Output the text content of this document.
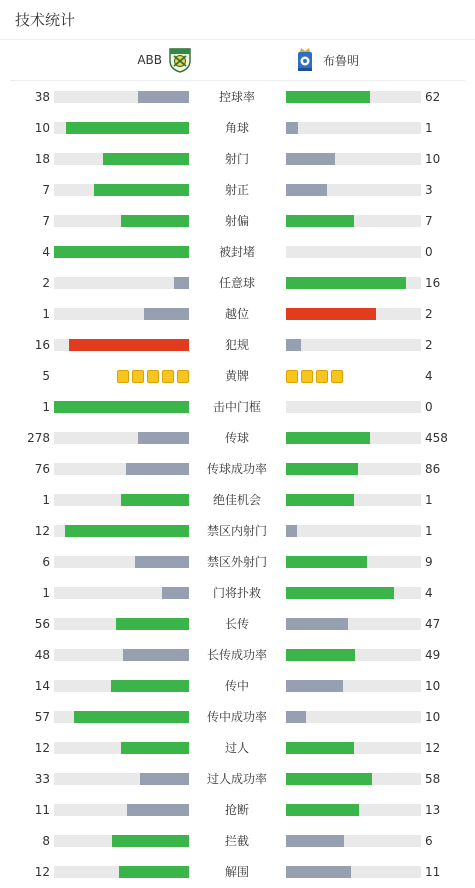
技术统计
ABB	布鲁明
38	控球率	62
10	角球	1
18	射门	10
7	射正	3
7	射偏	7
4	被封堵	0
2	任意球	16
1	越位	2
16	犯规	2
5	黄牌	4
1	击中门框	0
278	传球	458
76	传球成功率	86
1	绝佳机会	1
12	禁区内射门	1
6	禁区外射门	9
1	门将扑救	4
56	长传	47
48	长传成功率	49
14	传中	10
57	传中成功率	10
12	过人	12
33	过人成功率	58
11	抢断	13
8	拦截	6
12	解围	11
